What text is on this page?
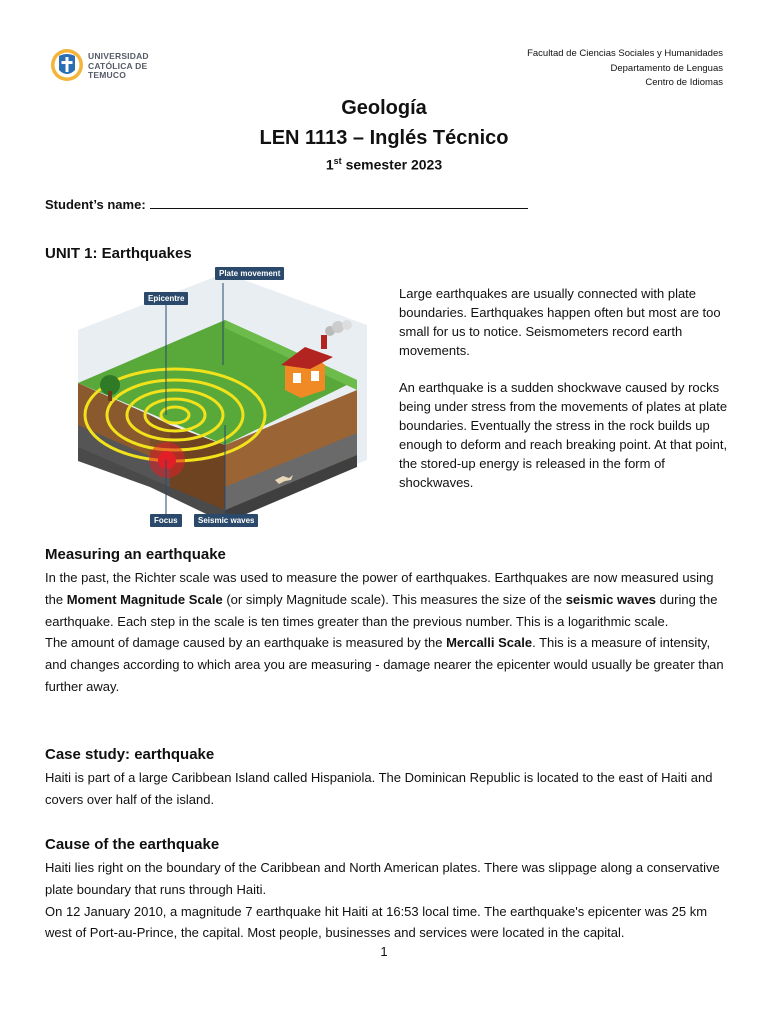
UNIVERSIDAD
CATÓLICA DE
TEMUCO
Facultad de Ciencias Sociales y Humanidades
Departamento de Lenguas
Centro de Idiomas
Geología
LEN 1113 – Inglés Técnico
1st semester 2023
Student’s name:
UNIT 1: Earthquakes
Plate movement
Epicentre
Focus	Seismic waves

Large earthquakes are usually connected with plate boundaries. Earthquakes happen often but most are too small for us to notice. Seismometers record earth movements.

An earthquake is a sudden shockwave caused by rocks being under stress from the movements of plates at plate boundaries. Eventually the stress in the rock builds up enough to deform and reach breaking point. At that point, the stored-up energy is released in the form of shockwaves.

Measuring an earthquake

In the past, the Richter scale was used to measure the power of earthquakes. Earthquakes are now measured using the Moment Magnitude Scale (or simply Magnitude scale). This measures the size of the seismic waves during the earthquake. Each step in the scale is ten times greater than the previous number. This is a logarithmic scale.

The amount of damage caused by an earthquake is measured by the Mercalli Scale. This is a measure of intensity, and changes according to which area you are measuring - damage nearer the epicenter would usually be greater than further away.

Case study: earthquake

Haiti is part of a large Caribbean Island called Hispaniola. The Dominican Republic is located to the east of Haiti and covers over half of the island.

Cause of the earthquake

Haiti lies right on the boundary of the Caribbean and North American plates. There was slippage along a conservative plate boundary that runs through Haiti.

On 12 January 2010, a magnitude 7 earthquake hit Haiti at 16:53 local time. The earthquake's epicenter was 25 km west of Port-au-Prince, the capital. Most people, businesses and services were located in the capital.

1
